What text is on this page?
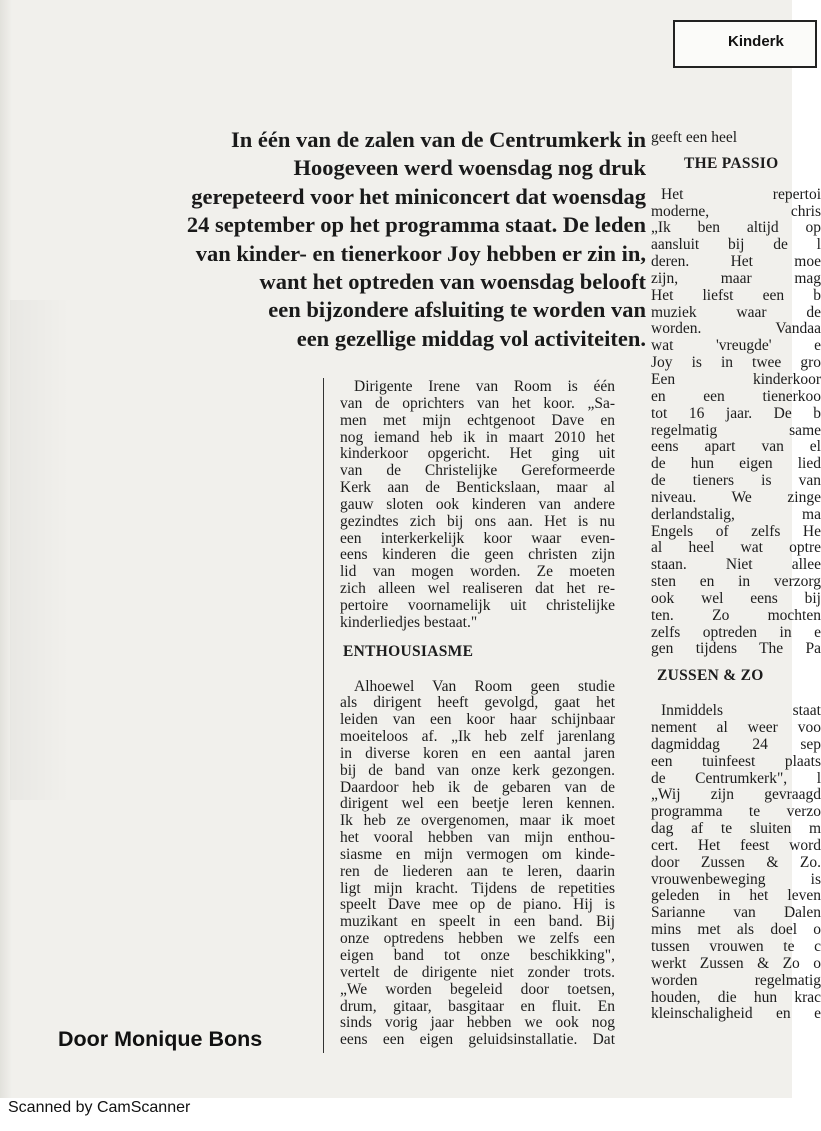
Kinderk
In één van de zalen van de Centrumkerk in
Hoogeveen werd woensdag nog druk
gerepeteerd voor het miniconcert dat woensdag
24 september op het programma staat. De leden
van kinder- en tienerkoor Joy hebben er zin in,
want het optreden van woensdag belooft
een bijzondere afsluiting te worden van
een gezellige middag vol activiteiten.
Dirigente Irene van Room is één
van de oprichters van het koor. „Sa-
men met mijn echtgenoot Dave en
nog iemand heb ik in maart 2010 het
kinderkoor opgericht. Het ging uit
van de Christelijke Gereformeerde
Kerk aan de Bentickslaan, maar al
gauw sloten ook kinderen van andere
gezindtes zich bij ons aan. Het is nu
een interkerkelijk koor waar even-
eens kinderen die geen christen zijn
lid van mogen worden. Ze moeten
zich alleen wel realiseren dat het re-
pertoire voornamelijk uit christelijke
kinderliedjes bestaat."
ENTHOUSIASME
Alhoewel Van Room geen studie
als dirigent heeft gevolgd, gaat het
leiden van een koor haar schijnbaar
moeiteloos af. „Ik heb zelf jarenlang
in diverse koren en een aantal jaren
bij de band van onze kerk gezongen.
Daardoor heb ik de gebaren van de
dirigent wel een beetje leren kennen.
Ik heb ze overgenomen, maar ik moet
het vooral hebben van mijn enthou-
siasme en mijn vermogen om kinde-
ren de liederen aan te leren, daarin
ligt mijn kracht. Tijdens de repetities
speelt Dave mee op de piano. Hij is
muzikant en speelt in een band. Bij
onze optredens hebben we zelfs een
eigen band tot onze beschikking",
vertelt de dirigente niet zonder trots.
„We worden begeleid door toetsen,
drum, gitaar, basgitaar en fluit. En
sinds vorig jaar hebben we ook nog
eens een eigen geluidsinstallatie. Dat
geeft een heel
THE PASSIO
Het repertoi
moderne, chris
„Ik ben altijd op
aansluit bij de l
deren. Het moe
zijn, maar mag
Het liefst een b
muziek waar de
worden. Vandaa
wat 'vreugde' e
Joy is in twee gro
Een kinderkoor
en een tienerkoo
tot 16 jaar. De b
regelmatig same
eens apart van el
de hun eigen lied
de tieners is van
niveau. We zinge
derlandstalig, ma
Engels of zelfs He
al heel wat optre
staan. Niet allee
sten en in verzorg
ook wel eens bij
ten. Zo mochten
zelfs optreden in e
gen tijdens The Pa
ZUSSEN & ZO
Inmiddels staat
nement al weer voo
dagmiddag 24 sep
een tuinfeest plaats
de Centrumkerk", l
„Wij zijn gevraagd
programma te verzo
dag af te sluiten m
cert. Het feest word
door Zussen & Zo.
vrouwenbeweging is
geleden in het leven
Sarianne van Dalen
mins met als doel o
tussen vrouwen te c
werkt Zussen & Zo o
worden regelmatig
houden, die hun krac
kleinschaligheid en e
Door Monique Bons
Scanned by CamScanner
